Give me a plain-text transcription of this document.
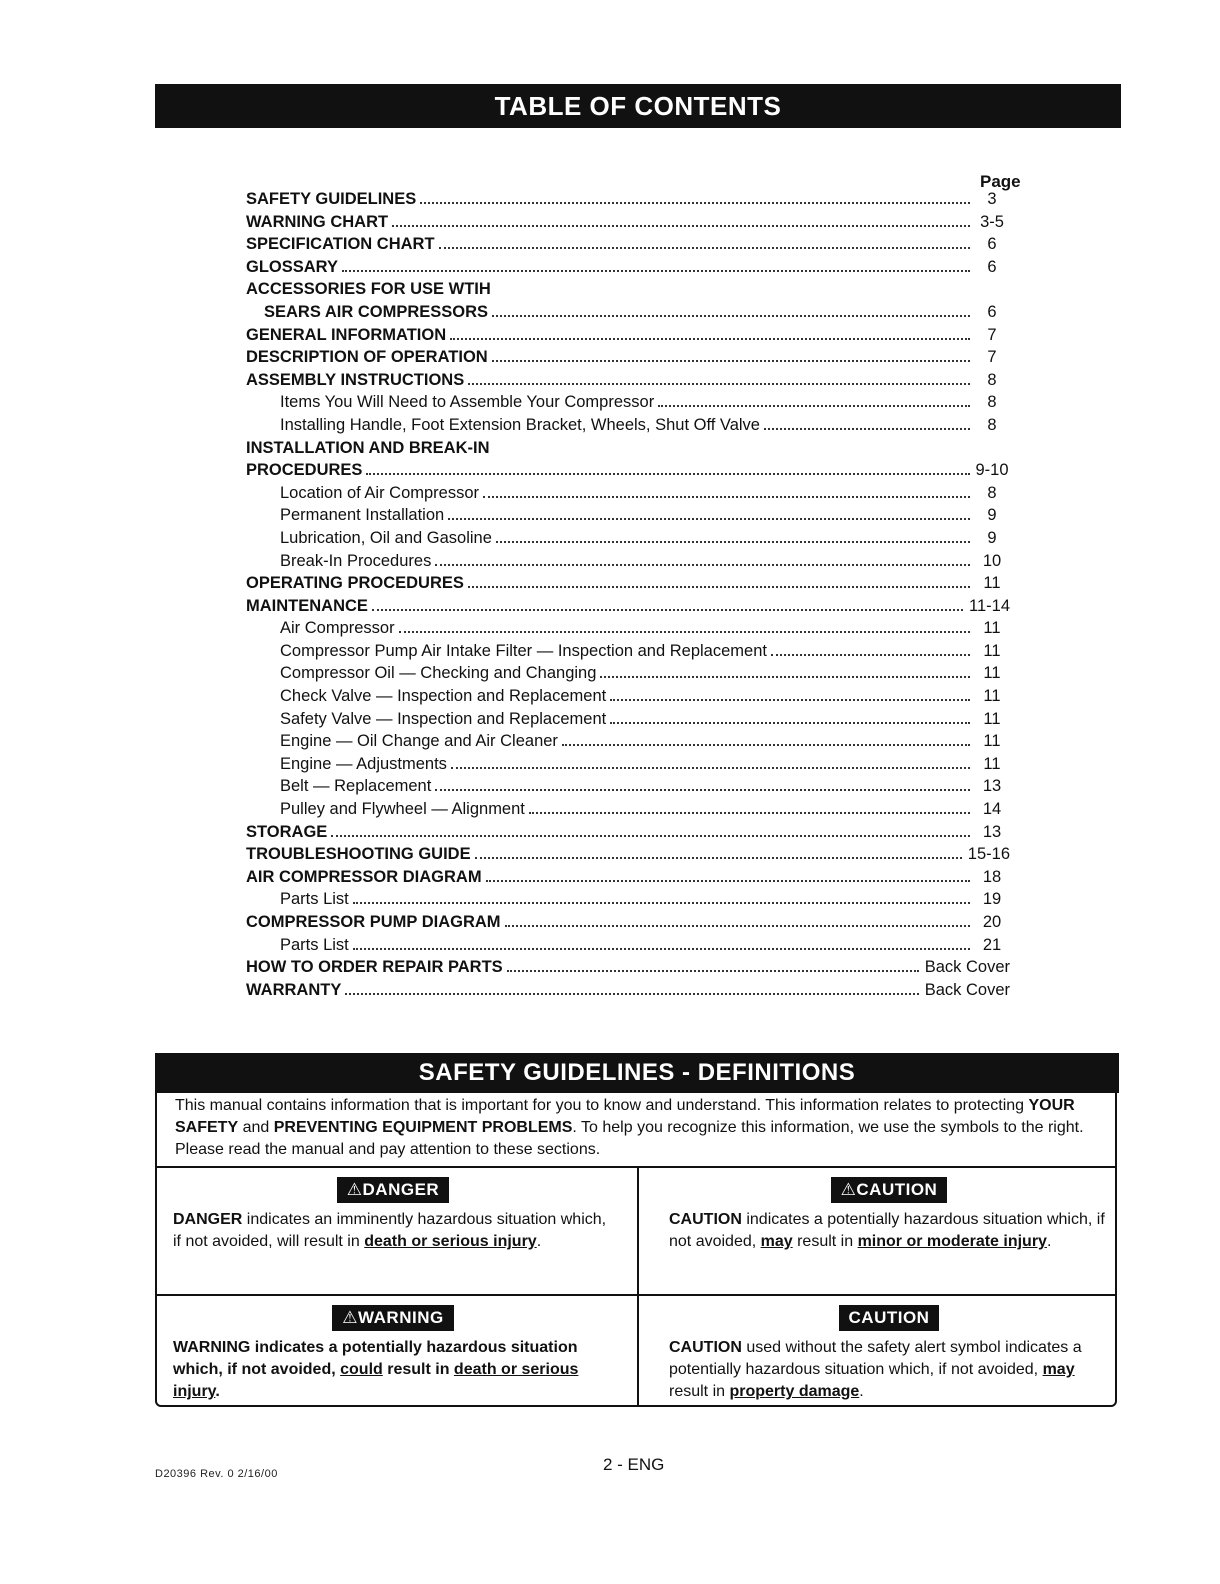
TABLE OF CONTENTS
Page
SAFETY GUIDELINES	3
WARNING CHART	3-5
SPECIFICATION CHART	6
GLOSSARY	6
ACCESSORIES FOR USE WTIH
SEARS AIR COMPRESSORS	6
GENERAL INFORMATION	7
DESCRIPTION OF OPERATION	7
ASSEMBLY INSTRUCTIONS	8
Items You Will Need to Assemble Your Compressor	8
Installing Handle, Foot Extension Bracket, Wheels, Shut Off Valve	8
INSTALLATION AND BREAK-IN
PROCEDURES	9-10
Location of Air Compressor	8
Permanent Installation	9
Lubrication, Oil and Gasoline	9
Break-In Procedures	10
OPERATING PROCEDURES	11
MAINTENANCE	11-14
Air Compressor	11
Compressor Pump Air Intake Filter — Inspection and Replacement	11
Compressor Oil — Checking and Changing	11
Check Valve — Inspection and Replacement	11
Safety Valve — Inspection and Replacement	11
Engine — Oil Change and Air Cleaner	11
Engine — Adjustments	11
Belt — Replacement	13
Pulley and Flywheel — Alignment	14
STORAGE	13
TROUBLESHOOTING GUIDE	15-16
AIR COMPRESSOR DIAGRAM	18
Parts List	19
COMPRESSOR PUMP DIAGRAM	20
Parts List	21
HOW TO ORDER REPAIR PARTS	Back Cover
WARRANTY	Back Cover
SAFETY GUIDELINES - DEFINITIONS

This manual contains information that is important for you to know and understand. This information relates to protecting YOUR SAFETY and PREVENTING EQUIPMENT PROBLEMS. To help you recognize this information, we use the symbols to the right. Please read the manual and pay attention to these sections.

⚠DANGER

DANGER indicates an imminently hazardous situation which, if not avoided, will result in death or serious injury.

⚠CAUTION

CAUTION indicates a potentially hazardous situation which, if not avoided, may result in minor or moderate injury.

⚠WARNING

WARNING indicates a potentially hazardous situation which, if not avoided, could result in death or serious injury.

CAUTION

CAUTION used without the safety alert symbol indicates a potentially hazardous situation which, if not avoided, may result in property damage.

D20396 Rev. 0 2/16/00	2 - ENG
